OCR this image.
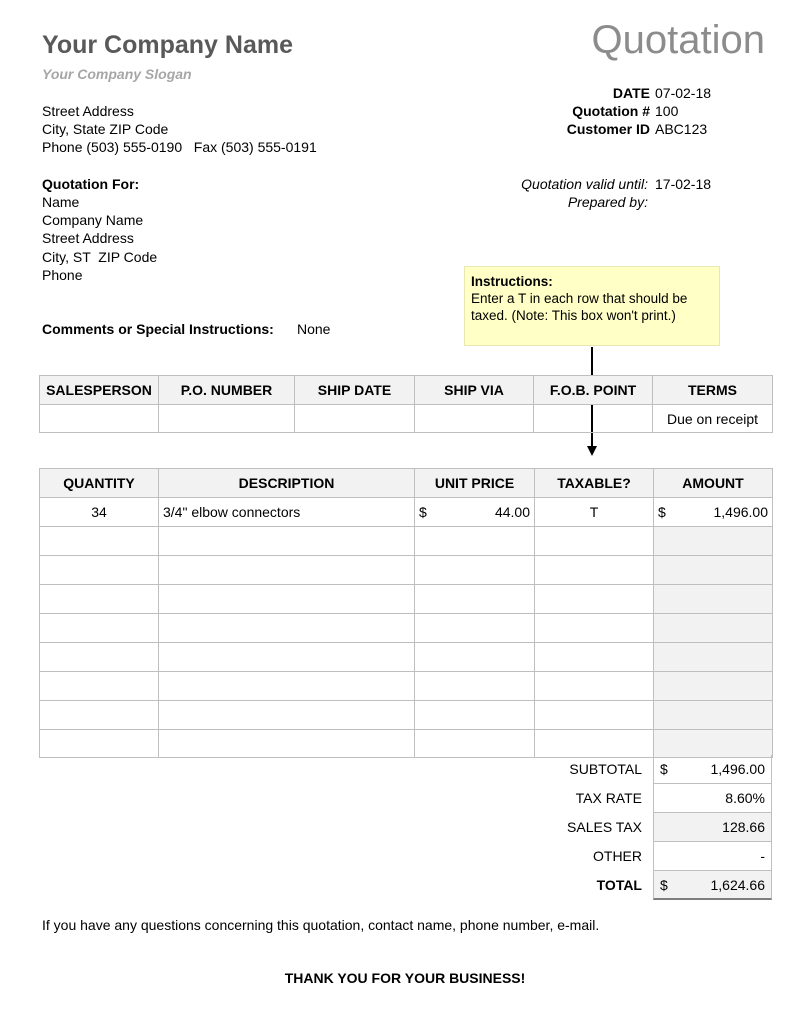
Your Company Name
Your Company Slogan
Quotation
Street Address
City, State ZIP Code
Phone (503) 555-0190   Fax (503) 555-0191
DATE 07-02-18
Quotation # 100
Customer ID ABC123
Quotation valid until: 17-02-18
Prepared by:
Quotation For:
Name
Company Name
Street Address
City, ST  ZIP Code
Phone
Comments or Special Instructions: None
Instructions:
Enter a T in each row that should be taxed. (Note: This box won't print.)
SALESPERSON	P.O. NUMBER	SHIP DATE	SHIP VIA	F.O.B. POINT	TERMS
					Due on receipt
QUANTITY	DESCRIPTION	UNIT PRICE	TAXABLE?	AMOUNT
34	3/4" elbow connectors	$ 44.00	T	$ 1,496.00

SUBTOTAL $	1,496.00
TAX RATE	8.60%
SALES TAX	128.66
OTHER	-
TOTAL $	1,624.66
If you have any questions concerning this quotation, contact name, phone number, e-mail.
THANK YOU FOR YOUR BUSINESS!
